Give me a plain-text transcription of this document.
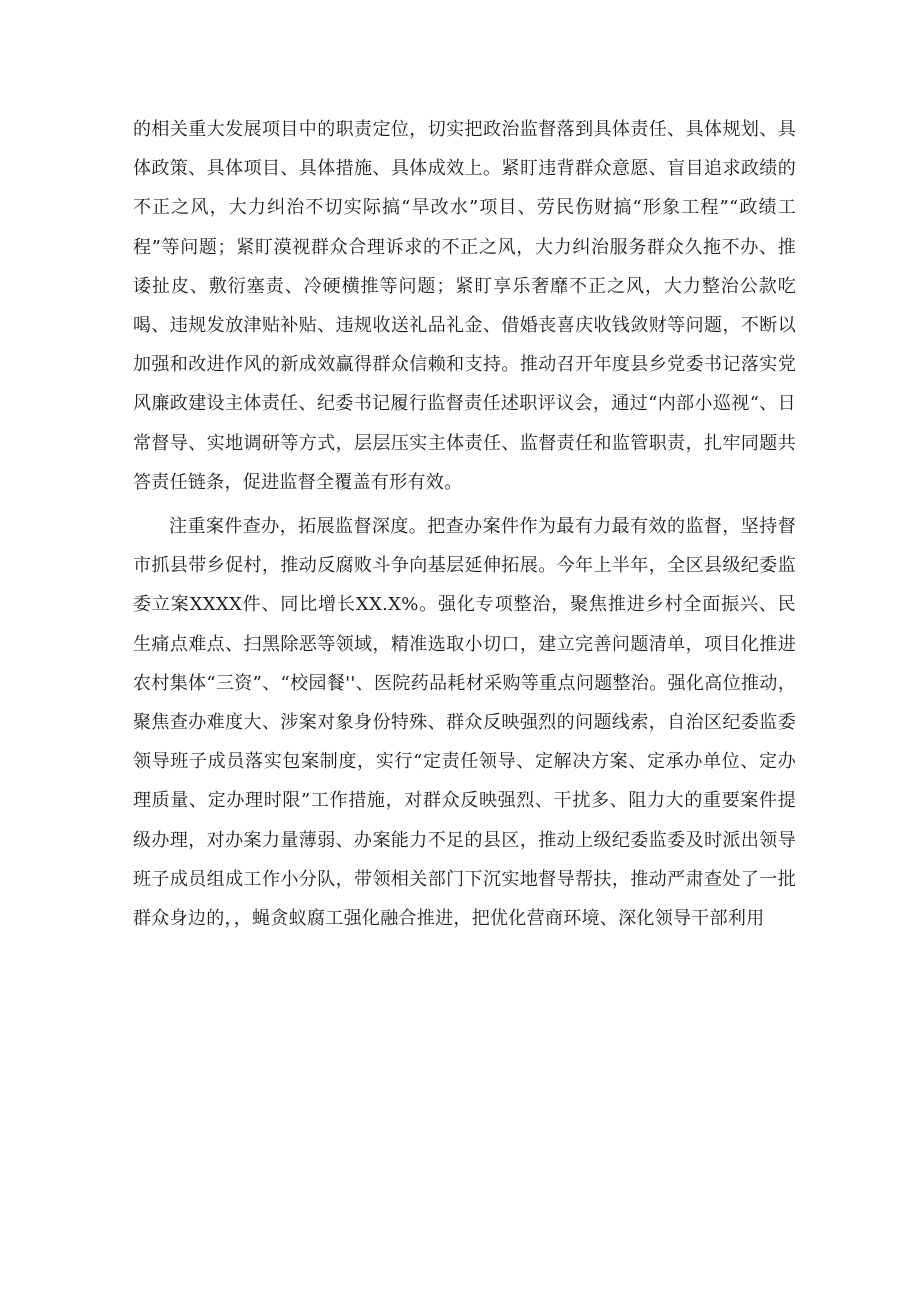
的相关重大发展项目中的职责定位，切实把政治监督落到具体责任、具体规划、具体政策、具体项目、具体措施、具体成效上。紧盯违背群众意愿、盲目追求政绩的不正之风，大力纠治不切实际搞“旱改水”项目、劳民伤财搞“形象工程”“政绩工程”等问题；紧盯漠视群众合理诉求的不正之风，大力纠治服务群众久拖不办、推诿扯皮、敷衍塞责、冷硬横推等问题；紧盯享乐奢靡不正之风，大力整治公款吃喝、违规发放津贴补贴、违规收送礼品礼金、借婚丧喜庆收钱敛财等问题，不断以加强和改进作风的新成效赢得群众信赖和支持。推动召开年度县乡党委书记落实党风廉政建设主体责任、纪委书记履行监督责任述职评议会，通过“内部小巡视“、日常督导、实地调研等方式，层层压实主体责任、监督责任和监管职责，扎牢同题共答责任链条，促进监督全覆盖有形有效。

注重案件查办，拓展监督深度。把查办案件作为最有力最有效的监督，坚持督市抓县带乡促村，推动反腐败斗争向基层延伸拓展。今年上半年，全区县级纪委监委立案XXXX件、同比增长XX.X%。强化专项整治，聚焦推进乡村全面振兴、民生痛点难点、扫黑除恶等领域，精准选取小切口，建立完善问题清单，项目化推进农村集体“三资”、“校园餐''、医院药品耗材采购等重点问题整治。强化高位推动，聚焦查办难度大、涉案对象身份特殊、群众反映强烈的问题线索，自治区纪委监委领导班子成员落实包案制度，实行“定责任领导、定解决方案、定承办单位、定办理质量、定办理时限”工作措施，对群众反映强烈、干扰多、阻力大的重要案件提级办理，对办案力量薄弱、办案能力不足的县区，推动上级纪委监委及时派出领导班子成员组成工作小分队，带领相关部门下沉实地督导帮扶，推动严肃查处了一批群众身边的，，蝇贪蚁腐工强化融合推进，把优化营商环境、深化领导干部利用
